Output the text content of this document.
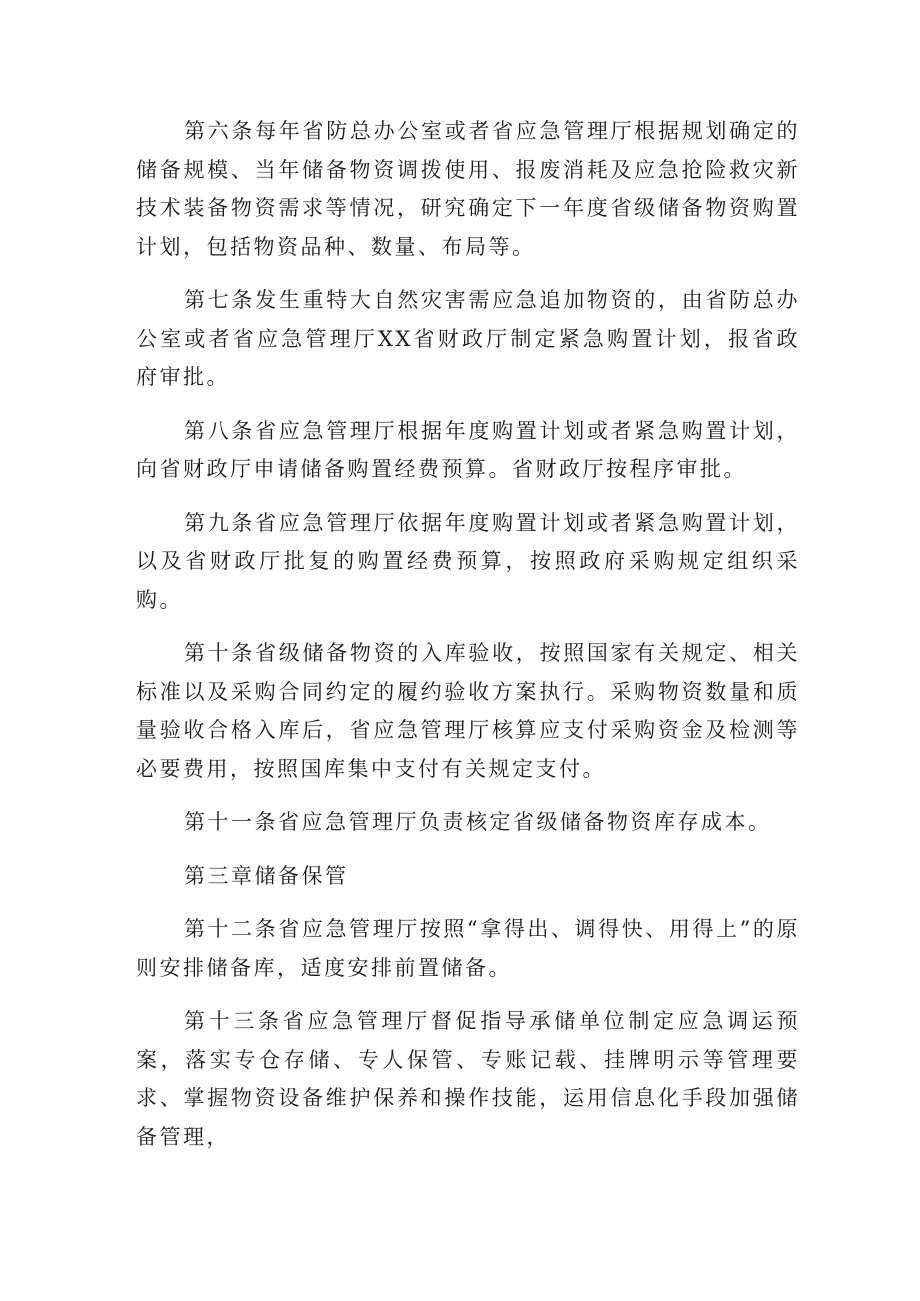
第六条每年省防总办公室或者省应急管理厅根据规划确定的储备规模、当年储备物资调拨使用、报废消耗及应急抢险救灾新技术装备物资需求等情况，研究确定下一年度省级储备物资购置计划，包括物资品种、数量、布局等。

第七条发生重特大自然灾害需应急追加物资的，由省防总办公室或者省应急管理厅XX省财政厅制定紧急购置计划，报省政府审批。

第八条省应急管理厅根据年度购置计划或者紧急购置计划，向省财政厅申请储备购置经费预算。省财政厅按程序审批。

第九条省应急管理厅依据年度购置计划或者紧急购置计划，以及省财政厅批复的购置经费预算，按照政府采购规定组织采购。

第十条省级储备物资的入库验收，按照国家有关规定、相关标准以及采购合同约定的履约验收方案执行。采购物资数量和质量验收合格入库后，省应急管理厅核算应支付采购资金及检测等必要费用，按照国库集中支付有关规定支付。

第十一条省应急管理厅负责核定省级储备物资库存成本。

第三章储备保管

第十二条省应急管理厅按照“拿得出、调得快、用得上”的原则安排储备库，适度安排前置储备。

第十三条省应急管理厅督促指导承储单位制定应急调运预案，落实专仓存储、专人保管、专账记载、挂牌明示等管理要求、掌握物资设备维护保养和操作技能，运用信息化手段加强储备管理，
